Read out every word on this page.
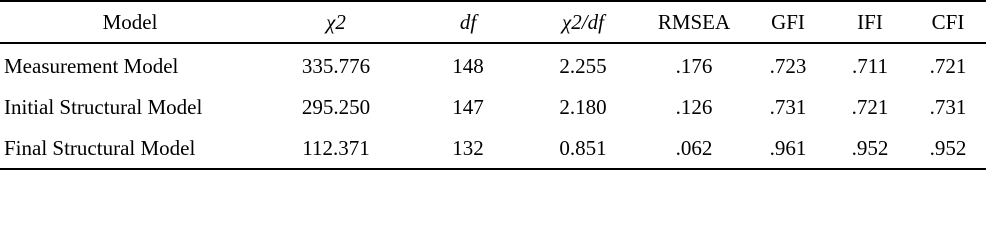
Model	χ2	df	χ2/df	RMSEA	GFI	IFI	CFI
Measurement Model	335.776	148	2.255	.176	.723	.711	.721
Initial Structural Model	295.250	147	2.180	.126	.731	.721	.731
Final Structural Model	112.371	132	0.851	.062	.961	.952	.952
